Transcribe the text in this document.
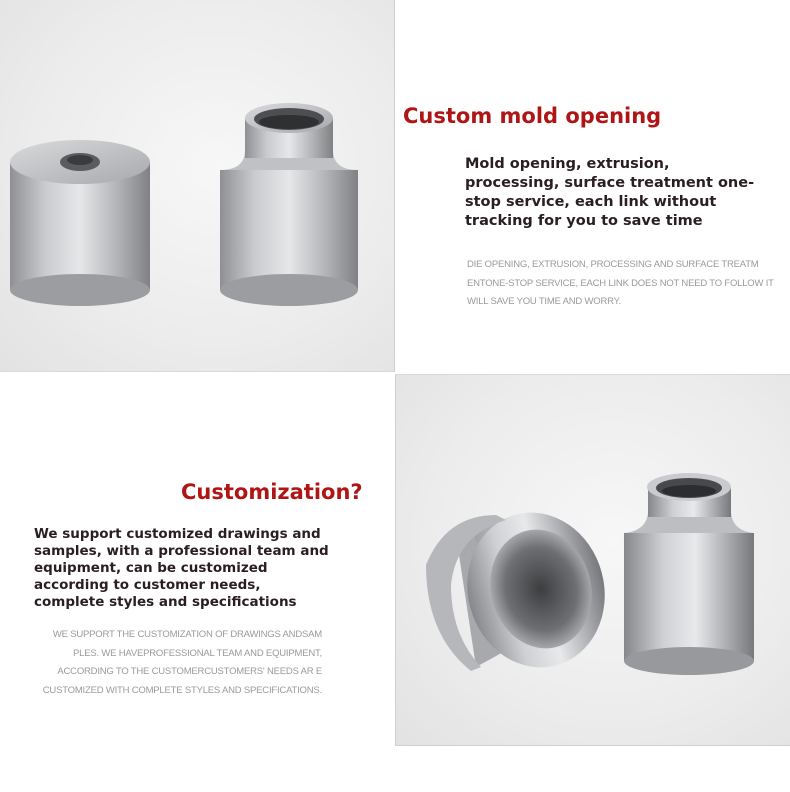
Custom mold opening
Mold opening, extrusion, processing, surface treatment one-stop service, each link without tracking for you to save time
DIE OPENING, EXTRUSION, PROCESSING AND SURFACE TREATM ENTONE-STOP SERVICE, EACH LINK DOES NOT NEED TO FOLLOW IT WILL SAVE YOU TIME AND WORRY.
Customization?
We support customized drawings and samples, with a professional team and equipment, can be customized according to customer needs, complete styles and specifications
WE SUPPORT THE CUSTOMIZATION OF DRAWINGS ANDSAM PLES. WE HAVEPROFESSIONAL TEAM AND EQUIPMENT, ACCORDING TO THE CUSTOMERCUSTOMERS' NEEDS AR E CUSTOMIZED WITH COMPLETE STYLES AND SPECIFICATIONS.
